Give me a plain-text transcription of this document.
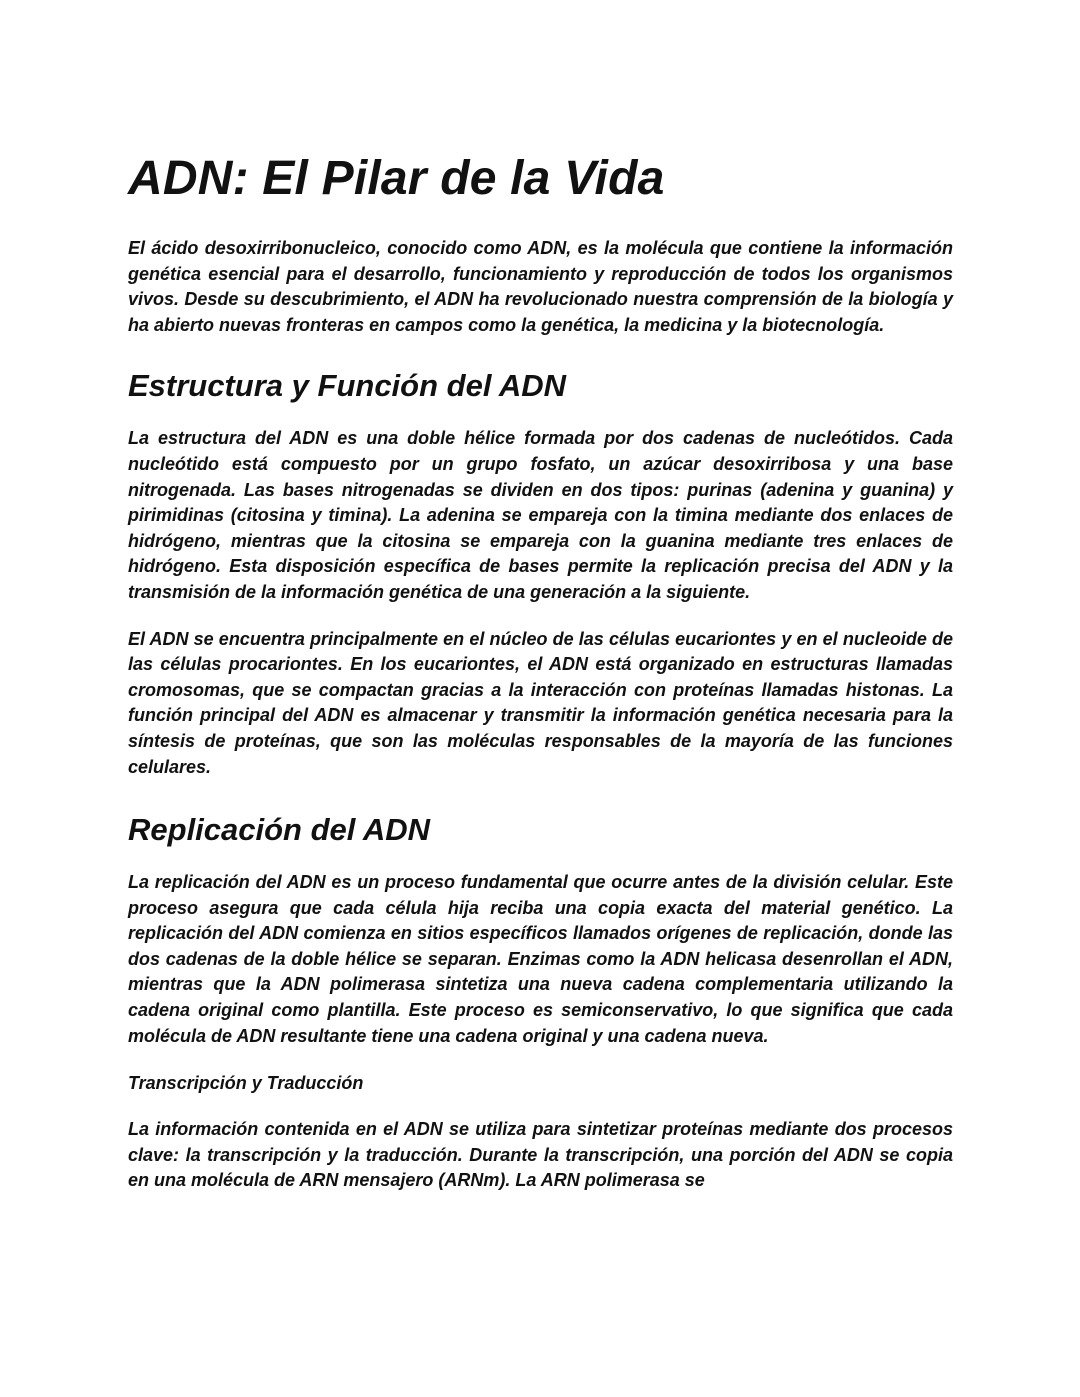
ADN: El Pilar de la Vida

El ácido desoxirribonucleico, conocido como ADN, es la molécula que contiene la información genética esencial para el desarrollo, funcionamiento y reproducción de todos los organismos vivos. Desde su descubrimiento, el ADN ha revolucionado nuestra comprensión de la biología y ha abierto nuevas fronteras en campos como la genética, la medicina y la biotecnología.

Estructura y Función del ADN

La estructura del ADN es una doble hélice formada por dos cadenas de nucleótidos. Cada nucleótido está compuesto por un grupo fosfato, un azúcar desoxirribosa y una base nitrogenada. Las bases nitrogenadas se dividen en dos tipos: purinas (adenina y guanina) y pirimidinas (citosina y timina). La adenina se empareja con la timina mediante dos enlaces de hidrógeno, mientras que la citosina se empareja con la guanina mediante tres enlaces de hidrógeno. Esta disposición específica de bases permite la replicación precisa del ADN y la transmisión de la información genética de una generación a la siguiente.

El ADN se encuentra principalmente en el núcleo de las células eucariontes y en el nucleoide de las células procariontes. En los eucariontes, el ADN está organizado en estructuras llamadas cromosomas, que se compactan gracias a la interacción con proteínas llamadas histonas. La función principal del ADN es almacenar y transmitir la información genética necesaria para la síntesis de proteínas, que son las moléculas responsables de la mayoría de las funciones celulares.

Replicación del ADN

La replicación del ADN es un proceso fundamental que ocurre antes de la división celular. Este proceso asegura que cada célula hija reciba una copia exacta del material genético. La replicación del ADN comienza en sitios específicos llamados orígenes de replicación, donde las dos cadenas de la doble hélice se separan. Enzimas como la ADN helicasa desenrollan el ADN, mientras que la ADN polimerasa sintetiza una nueva cadena complementaria utilizando la cadena original como plantilla. Este proceso es semiconservativo, lo que significa que cada molécula de ADN resultante tiene una cadena original y una cadena nueva.

Transcripción y Traducción

La información contenida en el ADN se utiliza para sintetizar proteínas mediante dos procesos clave: la transcripción y la traducción. Durante la transcripción, una porción del ADN se copia en una molécula de ARN mensajero (ARNm). La ARN polimerasa se
